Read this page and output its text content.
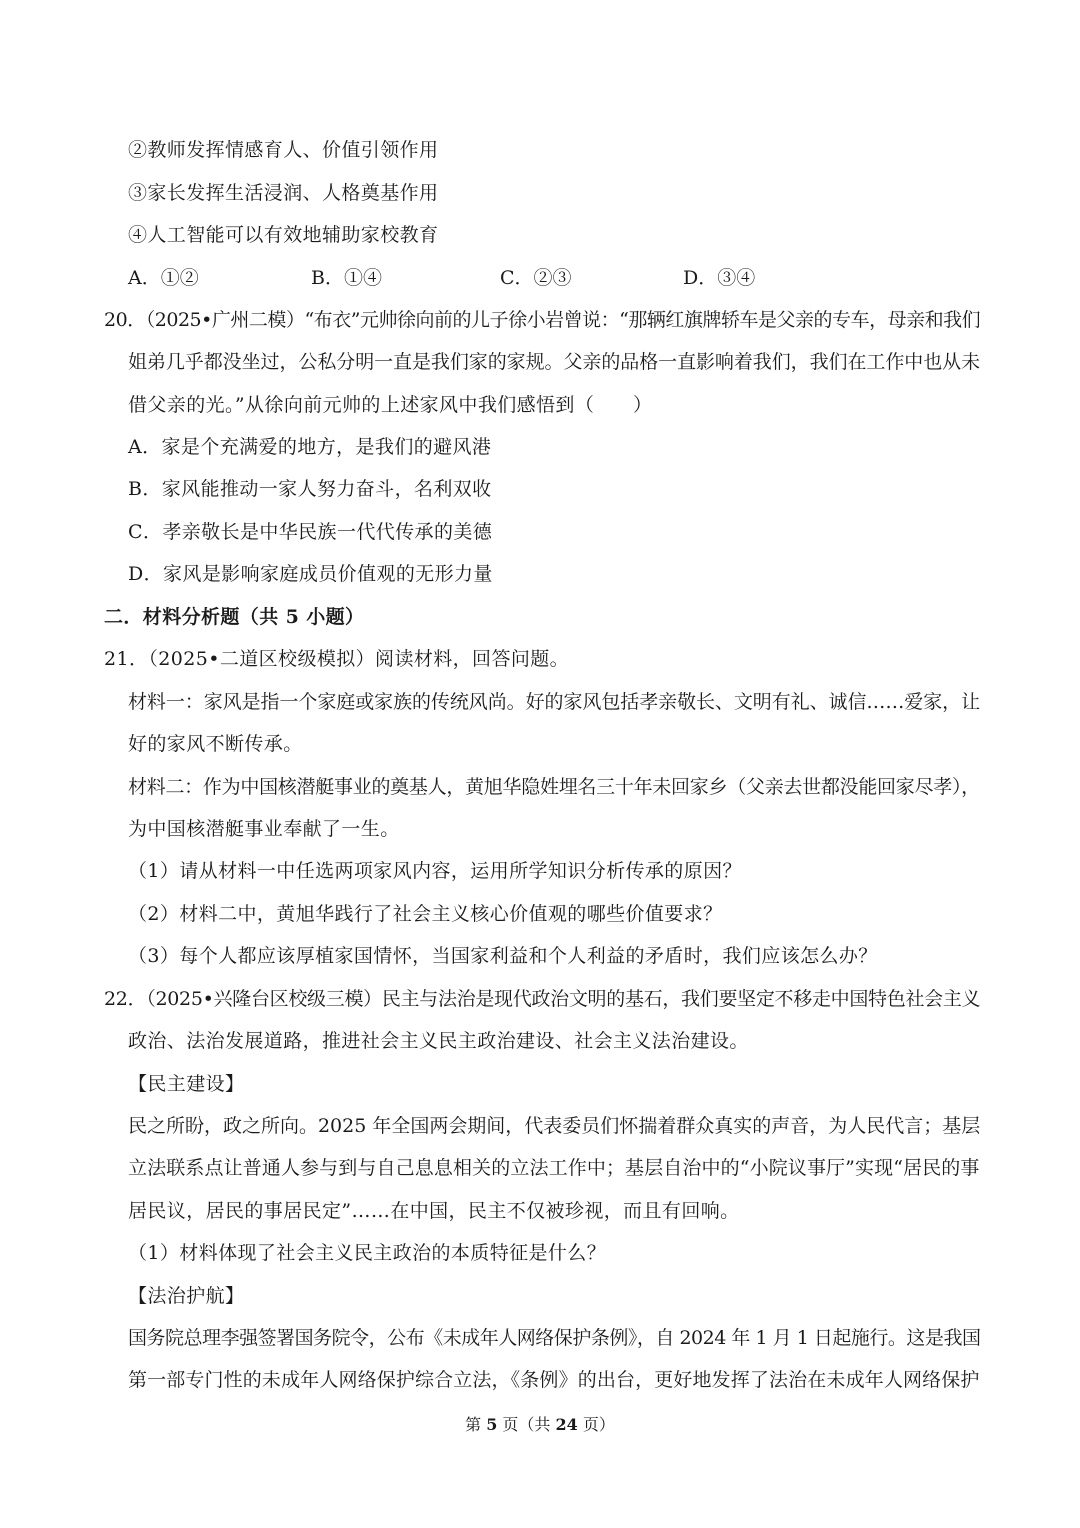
②教师发挥情感育人、价值引领作用
③家长发挥生活浸润、人格奠基作用
④人工智能可以有效地辅助家校教育
A．①②	B．①④	C．②③	D．③④
20．（2025•广州二模）“布衣”元帅徐向前的儿子徐小岩曾说：“那辆红旗牌轿车是父亲的专车，母亲和我们
姐弟几乎都没坐过，公私分明一直是我们家的家规。父亲的品格一直影响着我们，我们在工作中也从未
借父亲的光。”从徐向前元帅的上述家风中我们感悟到（　　）
A．家是个充满爱的地方，是我们的避风港
B．家风能推动一家人努力奋斗，名利双收
C．孝亲敬长是中华民族一代代传承的美德
D．家风是影响家庭成员价值观的无形力量
二．材料分析题（共 5 小题）
21．（2025•二道区校级模拟）阅读材料，回答问题。
材料一：家风是指一个家庭或家族的传统风尚。好的家风包括孝亲敬长、文明有礼、诚信……爱家，让
好的家风不断传承。
材料二：作为中国核潜艇事业的奠基人，黄旭华隐姓埋名三十年未回家乡（父亲去世都没能回家尽孝），
为中国核潜艇事业奉献了一生。
（1）请从材料一中任选两项家风内容，运用所学知识分析传承的原因？
（2）材料二中，黄旭华践行了社会主义核心价值观的哪些价值要求？
（3）每个人都应该厚植家国情怀，当国家利益和个人利益的矛盾时，我们应该怎么办？
22．（2025•兴隆台区校级三模）民主与法治是现代政治文明的基石，我们要坚定不移走中国特色社会主义
政治、法治发展道路，推进社会主义民主政治建设、社会主义法治建设。
【民主建设】
民之所盼，政之所向。2025 年全国两会期间，代表委员们怀揣着群众真实的声音，为人民代言；基层
立法联系点让普通人参与到与自己息息相关的立法工作中；基层自治中的“小院议事厅”实现“居民的事
居民议，居民的事居民定”……在中国，民主不仅被珍视，而且有回响。
（1）材料体现了社会主义民主政治的本质特征是什么？
【法治护航】
国务院总理李强签署国务院令，公布《未成年人网络保护条例》，自 2024 年 1 月 1 日起施行。这是我国
第一部专门性的未成年人网络保护综合立法，《条例》的出台，更好地发挥了法治在未成年人网络保护
第 5 页（共 24 页）
